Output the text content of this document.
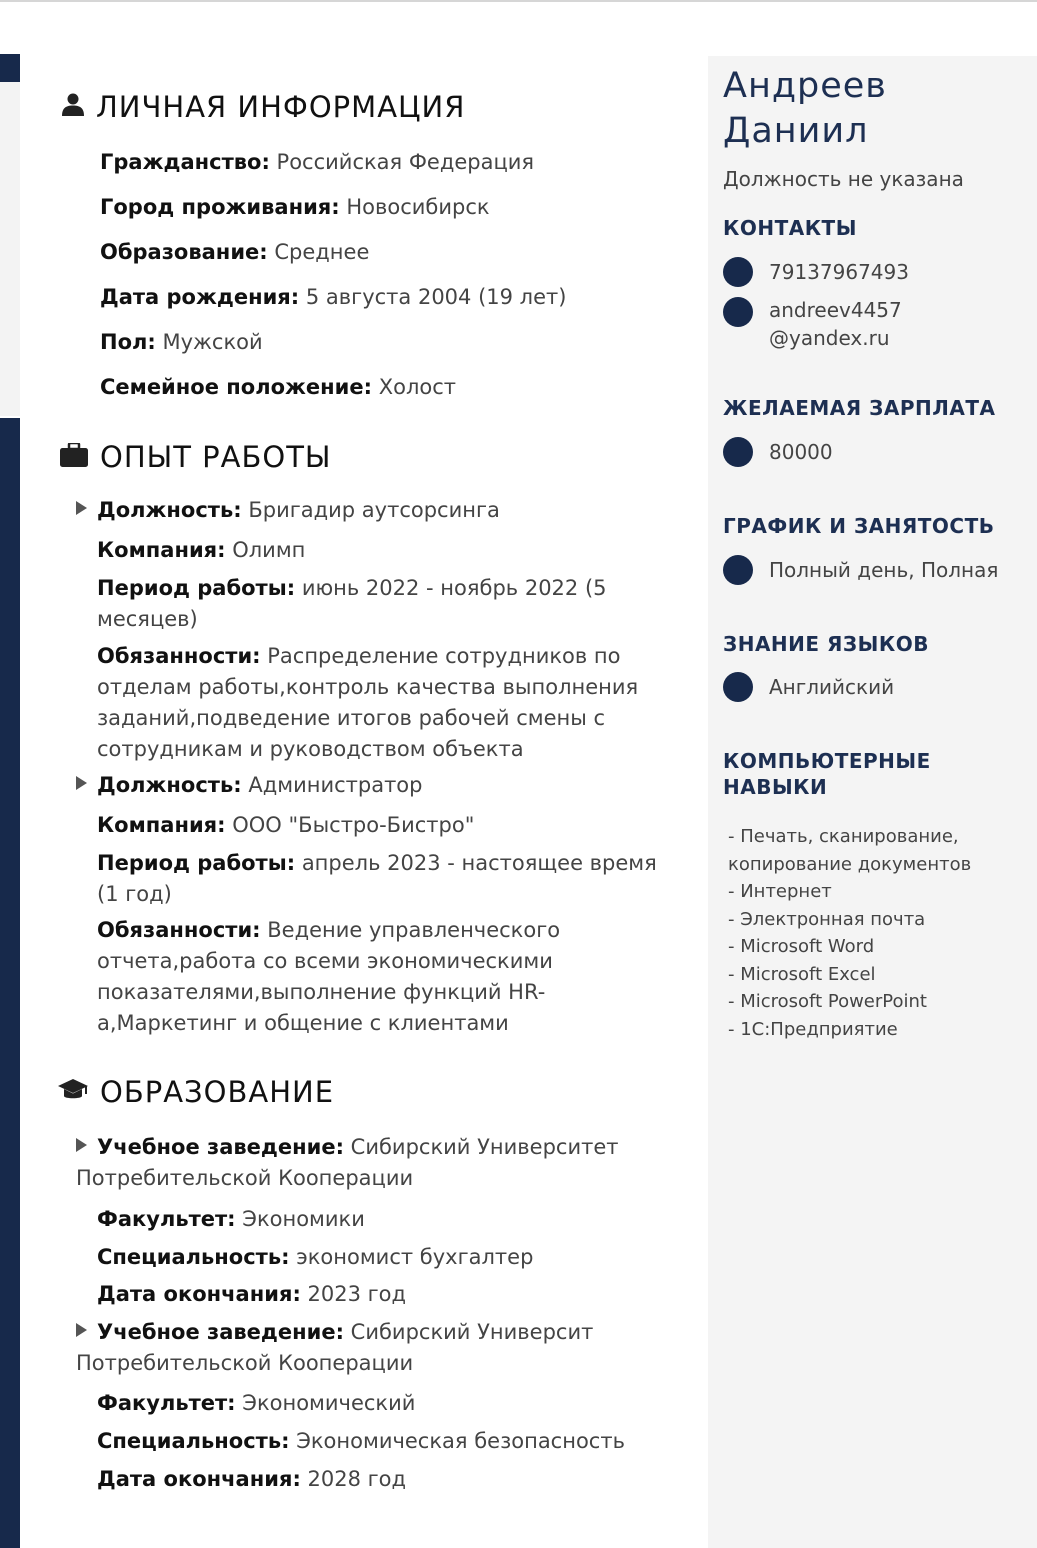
ЛИЧНАЯ ИНФОРМАЦИЯ
Гражданство: Российская Федерация
Город проживания: Новосибирск
Образование: Среднее
Дата рождения: 5 августа 2004 (19 лет)
Пол: Мужской
Семейное положение: Холост
ОПЫТ РАБОТЫ
Должность: Бригадир аутсорсинга
Компания: Олимп
Период работы: июнь 2022 - ноябрь 2022 (5 месяцев)
Обязанности: Распределение сотрудников по отделам работы,контроль качества выполнения заданий,подведение итогов рабочей смены с сотрудникам и руководством объекта
Должность: Администратор
Компания: ООО "Быстро-Бистро"
Период работы: апрель 2023 - настоящее время (1 год)
Обязанности: Ведение управленческого отчета,работа со всеми экономическими показателями,выполнение функций HR-а,Маркетинг и общение с клиентами
ОБРАЗОВАНИЕ
Учебное заведение: Сибирский Университет Потребительской Кооперации
Факультет: Экономики
Специальность: экономист бухгалтер
Дата окончания: 2023 год
Учебное заведение: Сибирский Университ Потребительской Кооперации
Факультет: Экономический
Специальность: Экономическая безопасность
Дата окончания: 2028 год
Андреев
Даниил
Должность не указана
КОНТАКТЫ
79137967493
andreev4457
@yandex.ru
ЖЕЛАЕМАЯ ЗАРПЛАТА
80000
ГРАФИК И ЗАНЯТОСТЬ
Полный день, Полная
ЗНАНИЕ ЯЗЫКОВ
Английский
КОМПЬЮТЕРНЫЕ
НАВЫКИ
- Печать, сканирование,
копирование документов
- Интернет
- Электронная почта
- Microsoft Word
- Microsoft Excel
- Microsoft PowerPoint
- 1С:Предприятие
